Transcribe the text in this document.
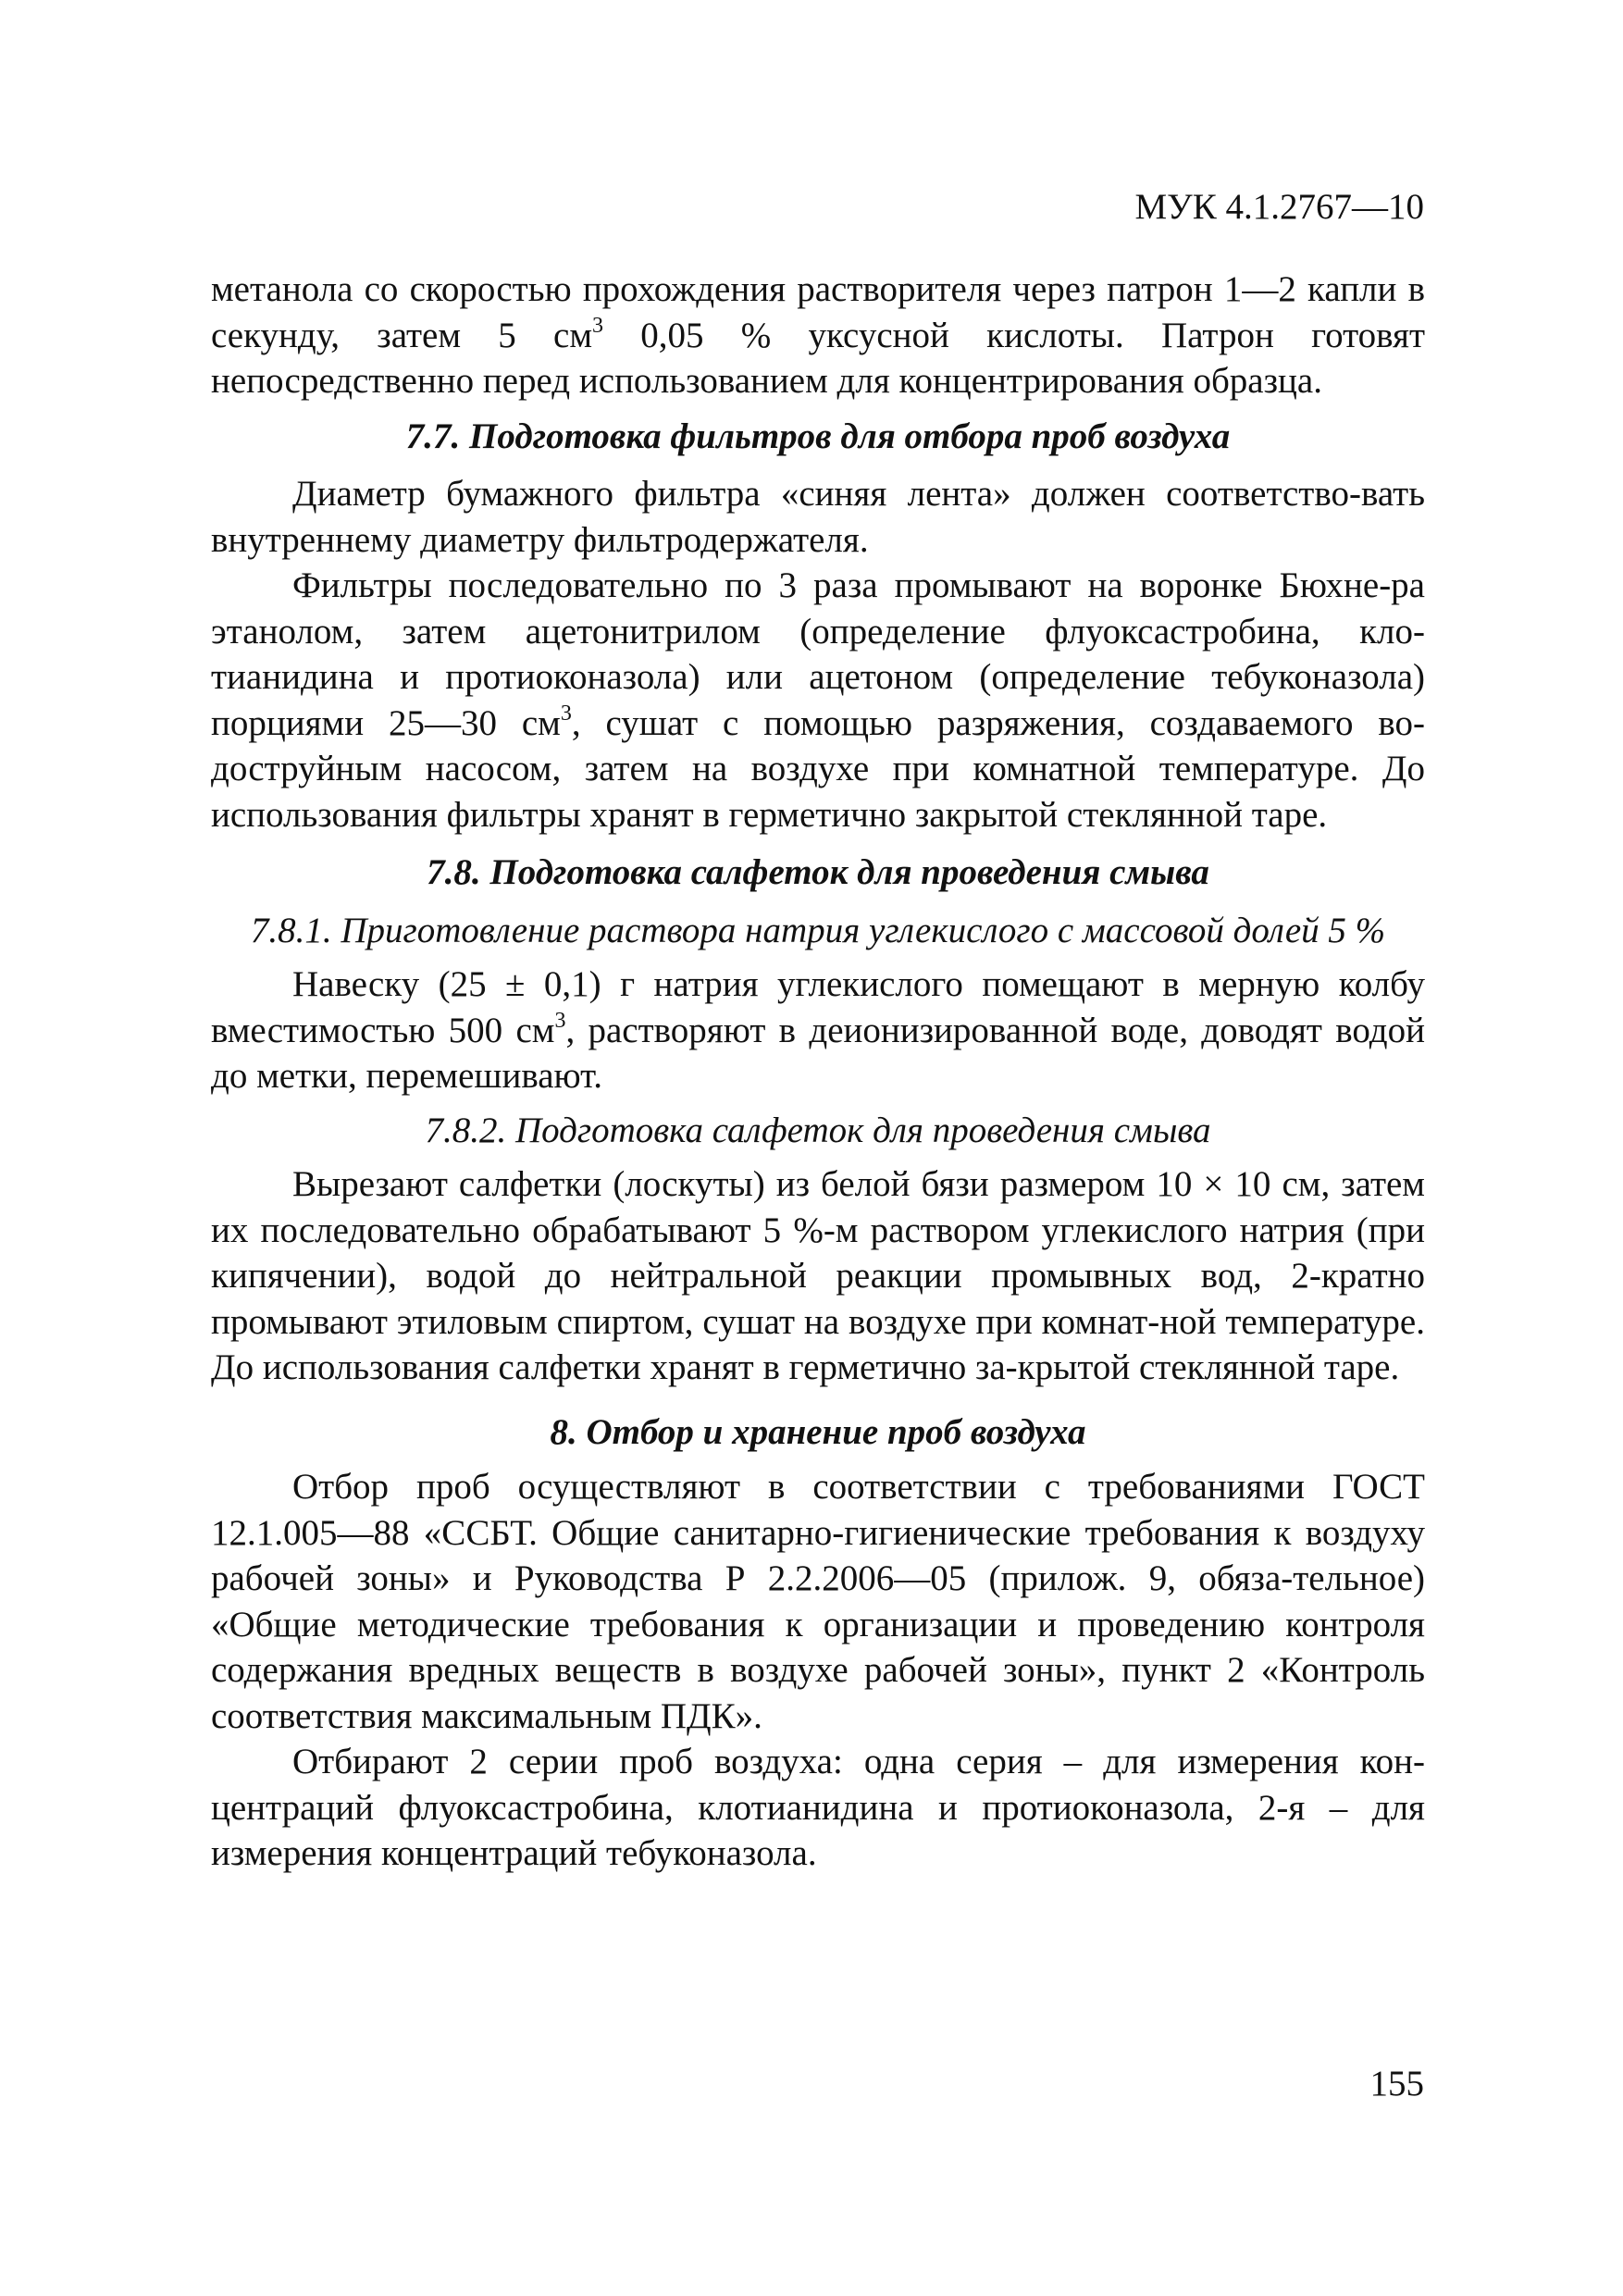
МУК 4.1.2767—10

метанола со скоростью прохождения растворителя через патрон 1—2 капли в секунду, затем 5 $см^3$ 0,05 % уксусной кислоты. Патрон готовят непосредственно перед использованием для концентрирования образца.

7.7. Подготовка фильтров для отбора проб воздуха

Диаметр бумажного фильтра «синяя лента» должен соответство-вать внутреннему диаметру фильтродержателя.

Фильтры последовательно по 3 раза промывают на воронке Бюхне-ра этанолом, затем ацетонитрилом (определение флуоксастробина, кло-тианидина и протиоконазола) или ацетоном (определение тебуконазола) порциями 25—30 $см^3$, сушат с помощью разряжения, создаваемого во-доструйным насосом, затем на воздухе при комнатной температуре. До использования фильтры хранят в герметично закрытой стеклянной таре.

7.8. Подготовка салфеток для проведения смыва
7.8.1. Приготовление раствора натрия углекислого с массовой долей 5 %

Навеску (25 ± 0,1) г натрия углекислого помещают в мерную колбу вместимостью 500 $см^3$, растворяют в деионизированной воде, доводят водой до метки, перемешивают.

7.8.2. Подготовка салфеток для проведения смыва

Вырезают салфетки (лоскуты) из белой бязи размером 10 × 10 см, затем их последовательно обрабатывают 5 %-м раствором углекислого натрия (при кипячении), водой до нейтральной реакции промывных вод, 2-кратно промывают этиловым спиртом, сушат на воздухе при комнат-ной температуре. До использования салфетки хранят в герметично за-крытой стеклянной таре.

8. Отбор и хранение проб воздуха

Отбор проб осуществляют в соответствии с требованиями ГОСТ 12.1.005—88 «ССБТ. Общие санитарно-гигиенические требования к воздуху рабочей зоны» и Руководства Р 2.2.2006—05 (прилож. 9, обяза-тельное) «Общие методические требования к организации и проведению контроля содержания вредных веществ в воздухе рабочей зоны», пункт 2 «Контроль соответствия максимальным ПДК».

Отбирают 2 серии проб воздуха: одна серия – для измерения кон-центраций флуоксастробина, клотианидина и протиоконазола, 2-я – для измерения концентраций тебуконазола.

155
